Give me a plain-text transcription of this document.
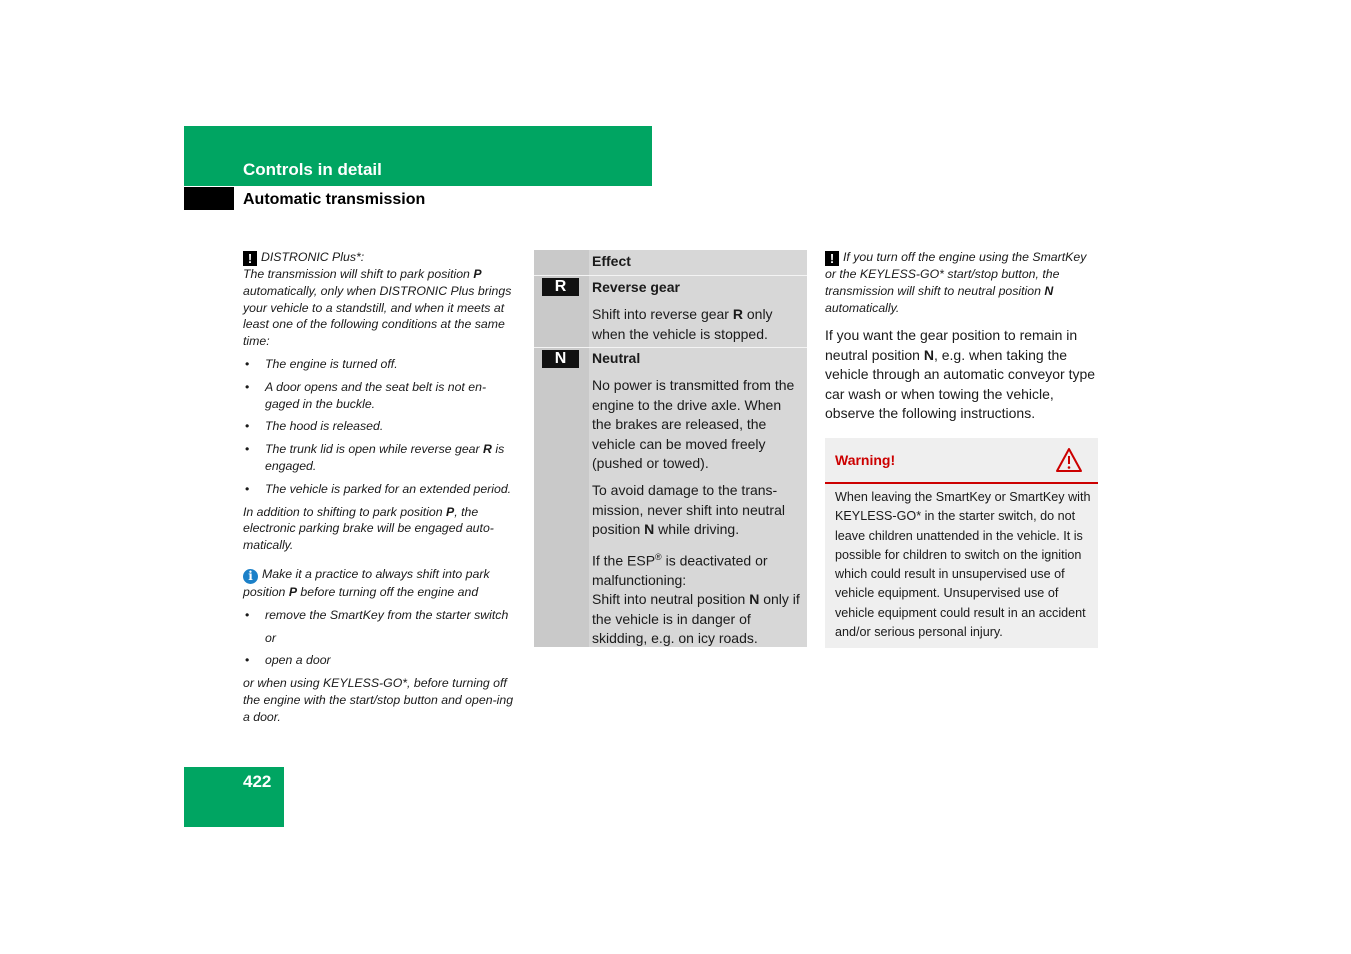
Controls in detail
Automatic transmission

! DISTRONIC Plus*:

The transmission will shift to park position P automatically, only when DISTRONIC Plus brings your vehicle to a standstill, and when it meets at least one of the following conditions at the same time:

• The engine is turned off.
• A door opens and the seat belt is not en-gaged in the buckle.
• The hood is released.
• The trunk lid is open while reverse gear R is engaged.
• The vehicle is parked for an extended period.

In addition to shifting to park position P, the electronic parking brake will be engaged auto-matically.

i Make it a practice to always shift into park position P before turning off the engine and

• remove the SmartKey from the starter switch
or
• open a door

or when using KEYLESS-GO*, before turning off the engine with the start/stop button and open-ing a door.

Effect
R	Reverse gear

Shift into reverse gear R only when the vehicle is stopped.

N	Neutral

No power is transmitted from the engine to the drive axle. When the brakes are released, the vehicle can be moved freely (pushed or towed).

To avoid damage to the trans-mission, never shift into neutral position N while driving.

If the ESP® is deactivated or malfunctioning:
Shift into neutral position N only if the vehicle is in danger of skidding, e.g. on icy roads.

! If you turn off the engine using the SmartKey or the KEYLESS-GO* start/stop button, the transmission will shift to neutral position N automatically.

If you want the gear position to remain in neutral position N, e.g. when taking the vehicle through an automatic conveyor type car wash or when towing the vehicle, observe the following instructions.

Warning!
When leaving the SmartKey or SmartKey with KEYLESS-GO* in the starter switch, do not leave children unattended in the vehicle. It is possible for children to switch on the ignition which could result in unsupervised use of vehicle equipment. Unsupervised use of vehicle equipment could result in an accident and/or serious personal injury.
422
